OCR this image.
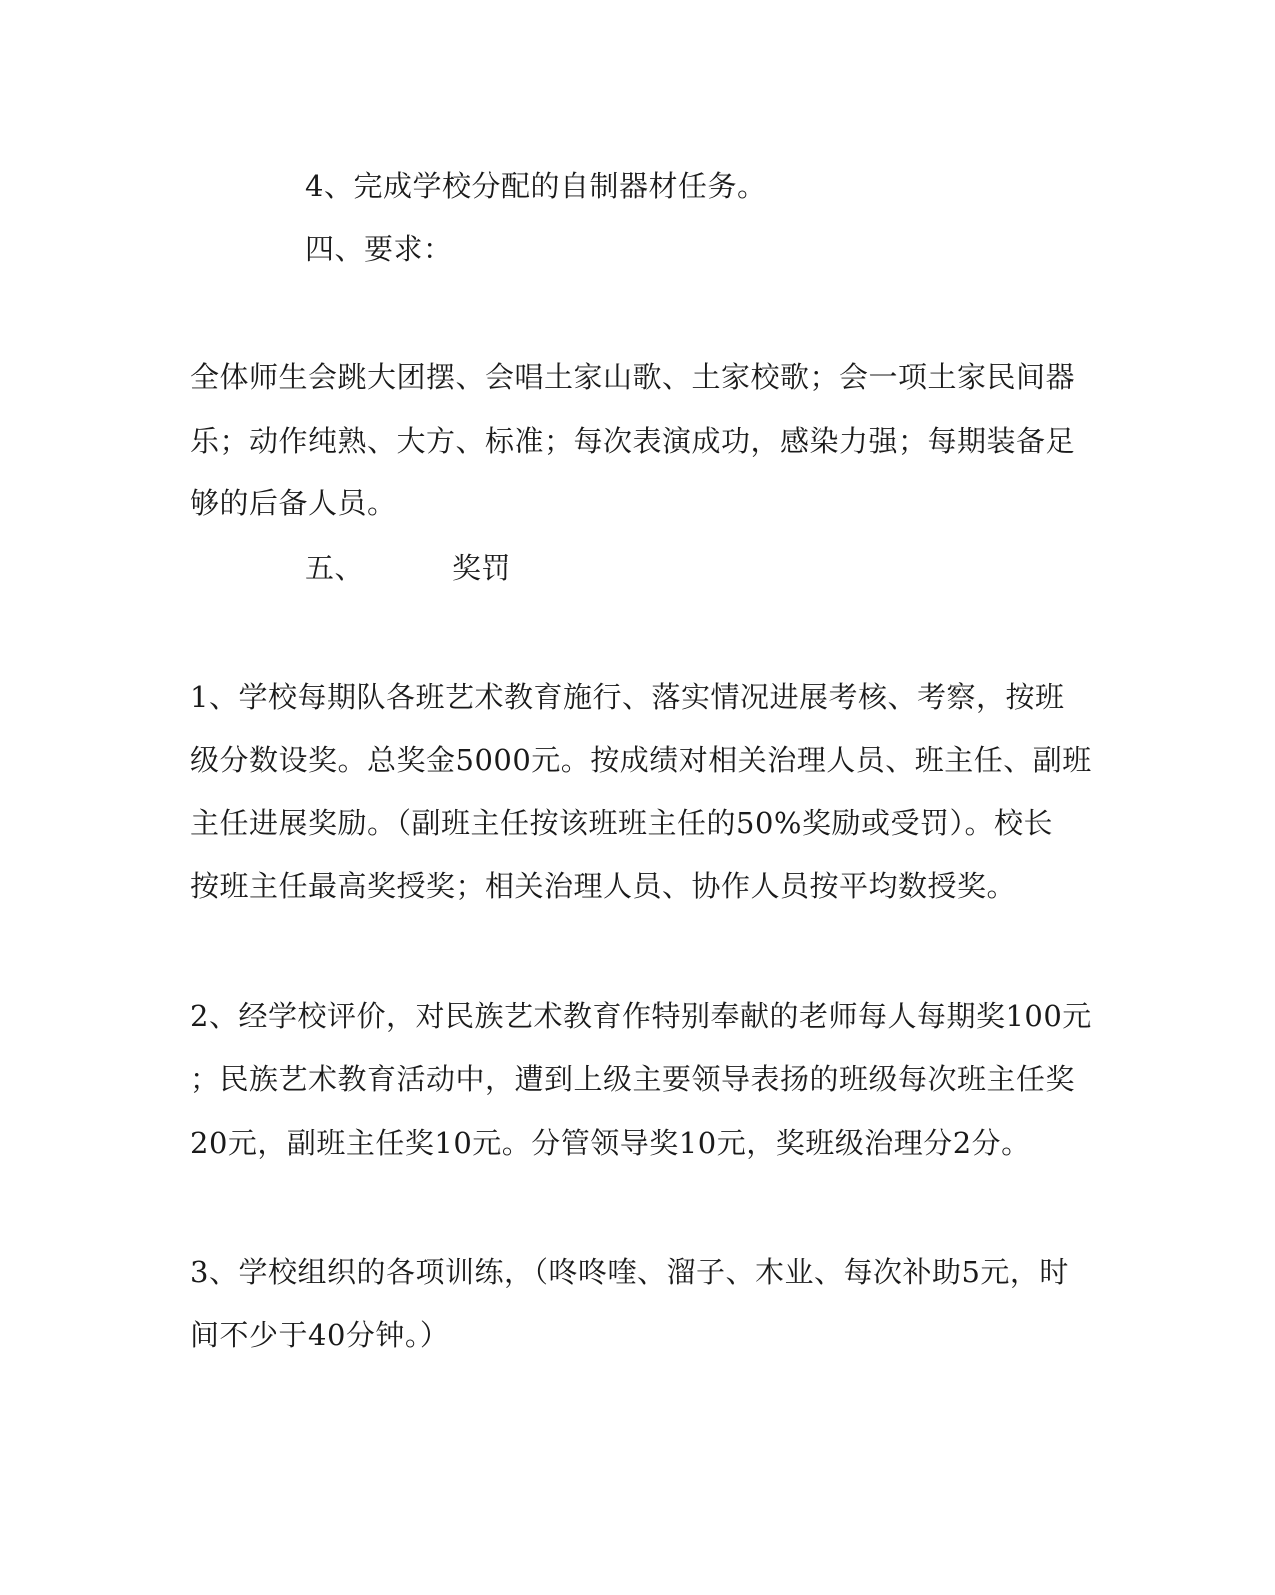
4、完成学校分配的自制器材任务。
四、要求：
全体师生会跳大团摆、会唱土家山歌、土家校歌；会一项土家民间器
乐；动作纯熟、大方、标准；每次表演成功，感染力强；每期装备足
够的后备人员。
五、	奖罚
1、学校每期队各班艺术教育施行、落实情况进展考核、考察，按班
级分数设奖。总奖金5000元。按成绩对相关治理人员、班主任、副班
主任进展奖励。（副班主任按该班班主任的50%奖励或受罚）。校长
按班主任最高奖授奖；相关治理人员、协作人员按平均数授奖。
2、经学校评价，对民族艺术教育作特别奉献的老师每人每期奖100元
；民族艺术教育活动中，遭到上级主要领导表扬的班级每次班主任奖
20元，副班主任奖10元。分管领导奖10元，奖班级治理分2分。
3、学校组织的各项训练，（咚咚喹、溜子、木业、每次补助5元，时
间不少于40分钟。）
